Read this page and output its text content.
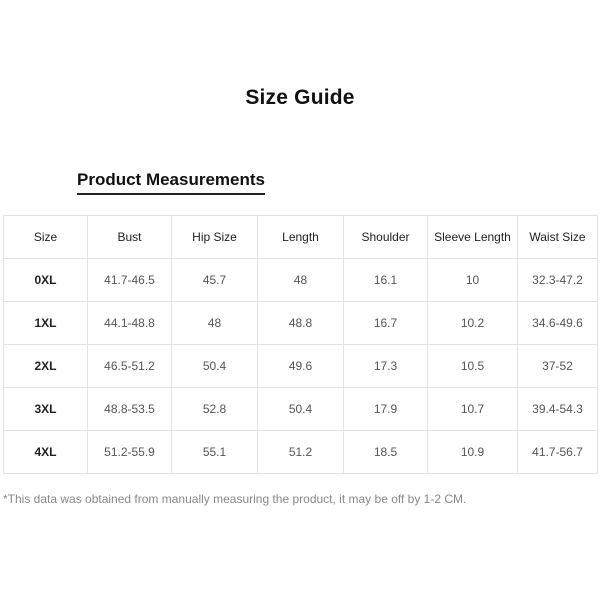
Size Guide
Product Measurements
Size	Bust	Hip Size	Length	Shoulder	Sleeve Length	Waist Size
0XL	41.7-46.5	45.7	48	16.1	10	32.3-47.2
1XL	44.1-48.8	48	48.8	16.7	10.2	34.6-49.6
2XL	46.5-51.2	50.4	49.6	17.3	10.5	37-52
3XL	48.8-53.5	52.8	50.4	17.9	10.7	39.4-54.3
4XL	51.2-55.9	55.1	51.2	18.5	10.9	41.7-56.7
*This data was obtained from manually measuring the product, it may be off by 1-2 CM.
